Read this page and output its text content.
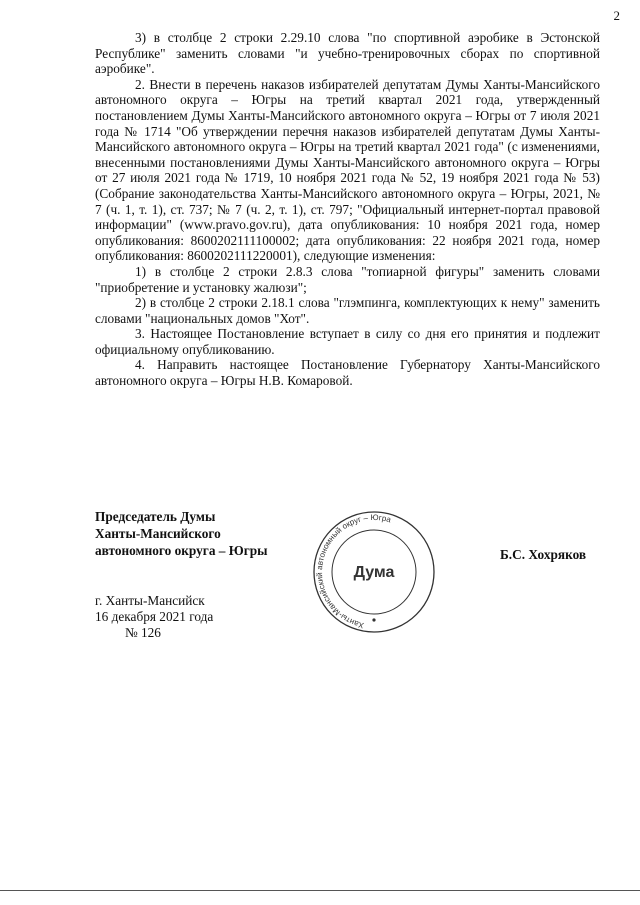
2

3) в столбце 2 строки 2.29.10 слова "по спортивной аэробике в Эстонской Республике" заменить словами "и учебно-тренировочных сборах по спортивной аэробике".

2. Внести в перечень наказов избирателей депутатам Думы Ханты-Мансийского автономного округа – Югры на третий квартал 2021 года, утвержденный постановлением Думы Ханты-Мансийского автономного округа – Югры от 7 июля 2021 года № 1714 "Об утверждении перечня наказов избирателей депутатам Думы Ханты-Мансийского автономного округа – Югры на третий квартал 2021 года" (с изменениями, внесенными постановлениями Думы Ханты-Мансийского автономного округа – Югры от 27 июля 2021 года № 1719, 10 ноября 2021 года № 52, 19 ноября 2021 года № 53) (Собрание законодательства Ханты-Мансийского автономного округа – Югры, 2021, № 7 (ч. 1, т. 1), ст. 737; № 7 (ч. 2, т. 1), ст. 797; "Официальный интернет-портал правовой информации" (www.pravo.gov.ru), дата опубликования: 10 ноября 2021 года, номер опубликования: 8600202111100002; дата опубликования: 22 ноября 2021 года, номер опубликования: 8600202111220001), следующие изменения:

1) в столбце 2 строки 2.8.3 слова "топиарной фигуры" заменить словами "приобретение и установку жалюзи";

2) в столбце 2 строки 2.18.1 слова "глэмпинга, комплектующих к нему" заменить словами "национальных домов "Хот".

3. Настоящее Постановление вступает в силу со дня его принятия и подлежит официальному опубликованию.

4. Направить настоящее Постановление Губернатору Ханты-Мансийского автономного округа – Югры Н.В. Комаровой.

Председатель Думы
Ханты-Мансийского
автономного округа – Югры
Ханты-Мансийский автономный округ – Югра
Дума
Б.С. Хохряков
г. Ханты-Мансийск
16 декабря 2021 года
№ 126
